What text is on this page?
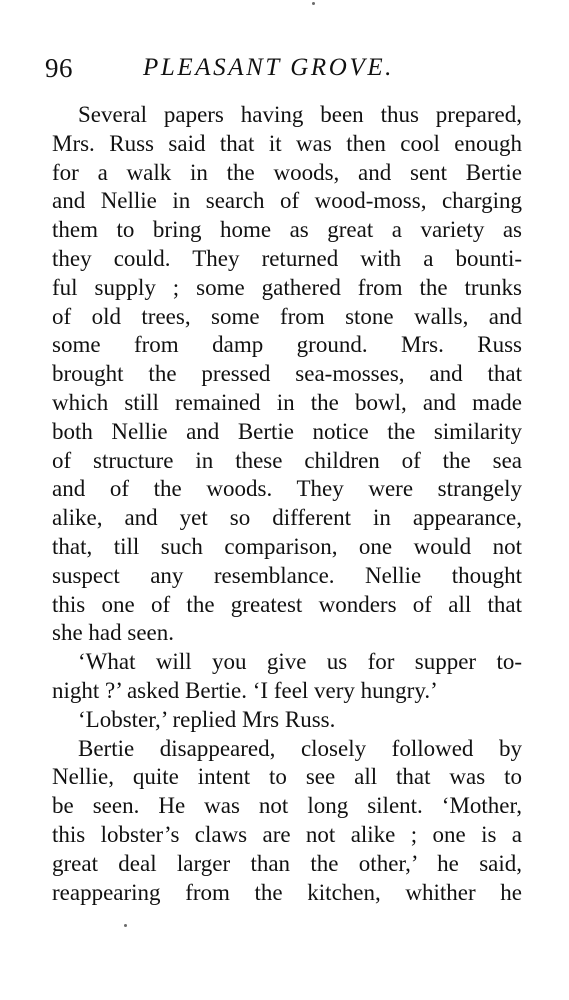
96	PLEASANT GROVE.
Several papers having been thus prepared,
Mrs. Russ said that it was then cool enough
for a walk in the woods, and sent Bertie
and Nellie in search of wood-moss, charging
them to bring home as great a variety as
they could. They returned with a bounti-
ful supply ; some gathered from the trunks
of old trees, some from stone walls, and
some from damp ground. Mrs. Russ
brought the pressed sea-mosses, and that
which still remained in the bowl, and made
both Nellie and Bertie notice the similarity
of structure in these children of the sea
and of the woods. They were strangely
alike, and yet so different in appearance,
that, till such comparison, one would not
suspect any resemblance. Nellie thought
this one of the greatest wonders of all that
she had seen.
‘What will you give us for supper to-
night ?’ asked Bertie. ‘I feel very hungry.’
‘Lobster,’ replied Mrs Russ.
Bertie disappeared, closely followed by
Nellie, quite intent to see all that was to
be seen. He was not long silent. ‘Mother,
this lobster’s claws are not alike ; one is a
great deal larger than the other,’ he said,
reappearing from the kitchen, whither he
